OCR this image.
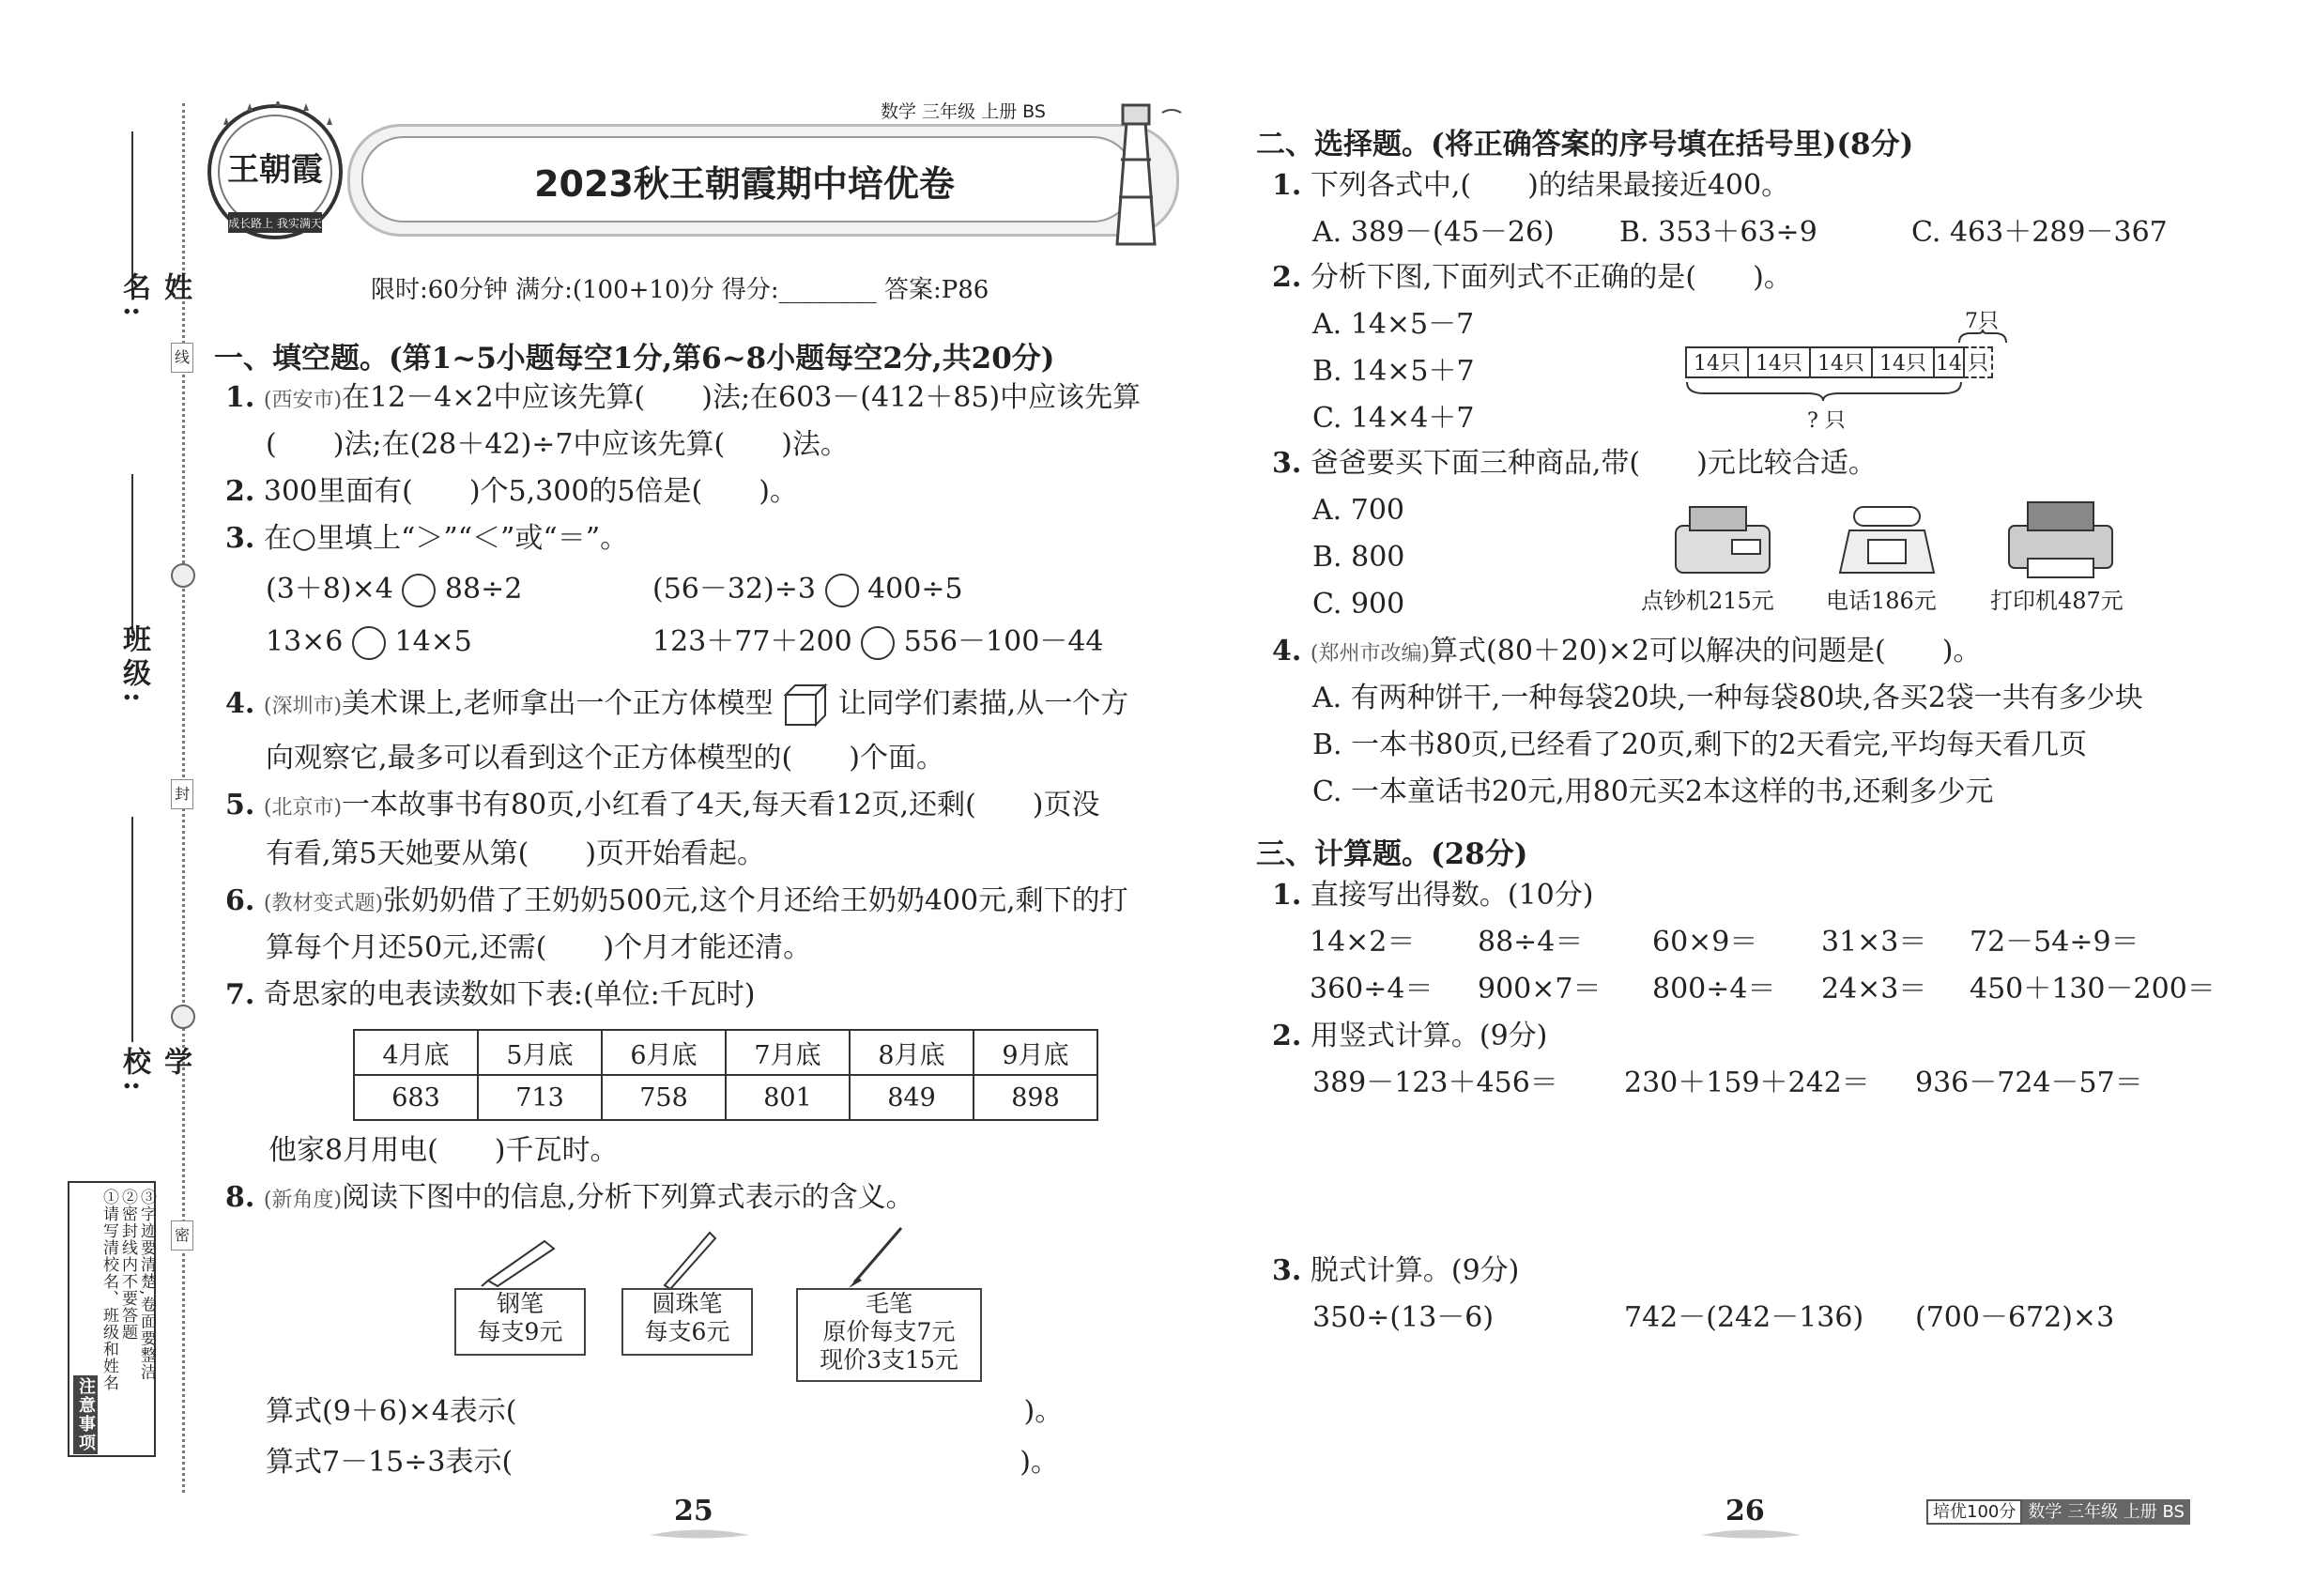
姓名:
班级:
学校:
线
封
密
注意事项
①请写清校名、班级和姓名 ②密封线内不要答题 ③字迹要清楚,卷面要整洁
王朝霞
成长路上 我实满天
数学 三年级 上册 BS
2023秋王朝霞期中培优卷
限时:60分钟 满分:(100+10)分 得分:________ 答案:P86
一、填空题。(第1~5小题每空1分,第6~8小题每空2分,共20分)
1. (西安市)在12－4×2中应该先算(　　)法;在603－(412＋85)中应该先算
(　　)法;在(28＋42)÷7中应该先算(　　)法。
2. 300里面有(　　)个5,300的5倍是(　　)。
3. 在○里填上“＞”“＜”或“＝”。
(3＋8)×4 88÷2	(56－32)÷3 400÷5
13×6 14×5	123＋77＋200 556－100－44
4. (深圳市)美术课上,老师拿出一个正方体模型 让同学们素描,从一个方
向观察它,最多可以看到这个正方体模型的(　　)个面。
5. (北京市)一本故事书有80页,小红看了4天,每天看12页,还剩(　　)页没
有看,第5天她要从第(　　)页开始看起。
6. (教材变式题)张奶奶借了王奶奶500元,这个月还给王奶奶400元,剩下的打
算每个月还50元,还需(　　)个月才能还清。
7. 奇思家的电表读数如下表:(单位:千瓦时)
4月底	5月底	6月底	7月底	8月底	9月底
683	713	758	801	849	898
他家8月用电(　　)千瓦时。
8. (新角度)阅读下图中的信息,分析下列算式表示的含义。
钢笔
每支9元
圆珠笔
每支6元
毛笔
原价每支7元
现价3支15元
算式(9＋6)×4表示(　　　　　　　　　　　　　　　　　　)。
算式7－15÷3表示(　　　　　　　　　　　　　　　　　　)。
二、选择题。(将正确答案的序号填在括号里)(8分)
1. 下列各式中,(　　)的结果最接近400。
A. 389－(45－26) B. 353＋63÷9	C. 463＋289－367
2. 分析下图,下面列式不正确的是(　　)。
A. 14×5－7
B. 14×5＋7
C. 14×4＋7
7只
14只 14只 14只 14只 14 只
? 只
3. 爸爸要买下面三种商品,带(　　)元比较合适。
A. 700
B. 800
C. 900	点钞机215元 电话186元 打印机487元
4. (郑州市改编)算式(80＋20)×2可以解决的问题是(　　)。
A. 有两种饼干,一种每袋20块,一种每袋80块,各买2袋一共有多少块
B. 一本书80页,已经看了20页,剩下的2天看完,平均每天看几页
C. 一本童话书20元,用80元买2本这样的书,还剩多少元
三、计算题。(28分)
1. 直接写出得数。(10分)
14×2＝ 88÷4＝ 60×9＝ 31×3＝ 72－54÷9＝
360÷4＝ 900×7＝ 800÷4＝ 24×3＝ 450＋130－200＝
2. 用竖式计算。(9分)
389－123＋456＝ 230＋159＋242＝ 936－724－57＝
3. 脱式计算。(9分)
350÷(13－6)	742－(242－136) (700－672)×3
25	26	培优100分 数学 三年级 上册 BS
